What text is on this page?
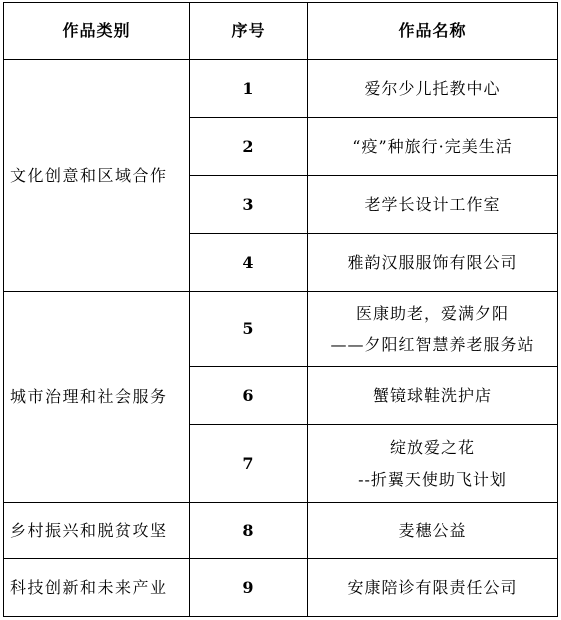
作品类别	序号	作品名称
文化创意和区域合作	1	爱尔少儿托教中心

	2	“疫”种旅行·完美生活

	3	老学长设计工作室

	4	雅韵汉服服饰有限公司

城市治理和社会服务	5	医康助老，爱满夕阳
——夕阳红智慧养老服务站

	6	蟹镜球鞋洗护店

	7	绽放爱之花
--折翼天使助飞计划

乡村振兴和脱贫攻坚	8	麦穗公益

科技创新和未来产业	9	安康陪诊有限责任公司
